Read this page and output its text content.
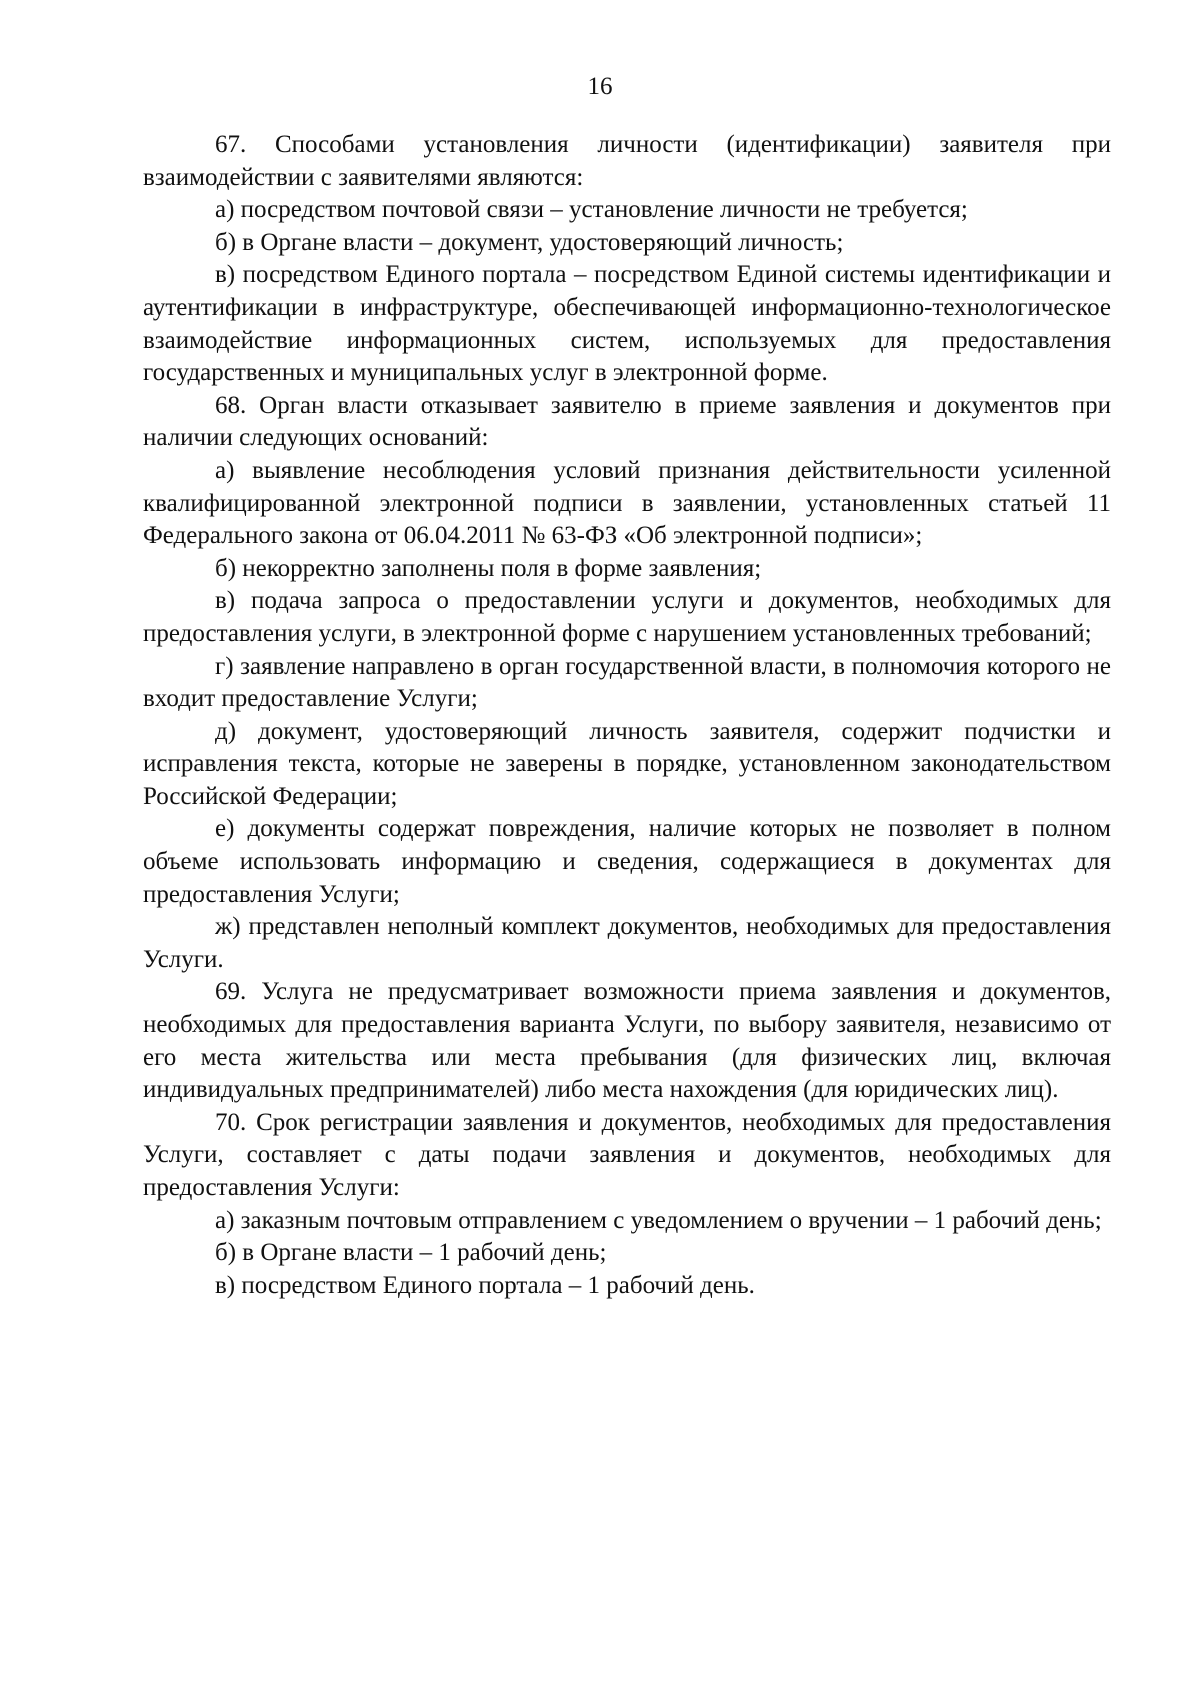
16

67. Способами установления личности (идентификации) заявителя при взаимодействии с заявителями являются:

а) посредством почтовой связи – установление личности не требуется;

б) в Органе власти – документ, удостоверяющий личность;

в) посредством Единого портала – посредством Единой системы идентификации и аутентификации в инфраструктуре, обеспечивающей информационно-технологическое взаимодействие информационных систем, используемых для предоставления государственных и муниципальных услуг в электронной форме.

68. Орган власти отказывает заявителю в приеме заявления и документов при наличии следующих оснований:

а) выявление несоблюдения условий признания действительности усиленной квалифицированной электронной подписи в заявлении, установленных статьей 11 Федерального закона от 06.04.2011 № 63-ФЗ «Об электронной подписи»;

б) некорректно заполнены поля в форме заявления;

в) подача запроса о предоставлении услуги и документов, необходимых для предоставления услуги, в электронной форме с нарушением установленных требований;

г) заявление направлено в орган государственной власти, в полномочия которого не входит предоставление Услуги;

д) документ, удостоверяющий личность заявителя, содержит подчистки и исправления текста, которые не заверены в порядке, установленном законодательством Российской Федерации;

е) документы содержат повреждения, наличие которых не позволяет в полном объеме использовать информацию и сведения, содержащиеся в документах для предоставления Услуги;

ж) представлен неполный комплект документов, необходимых для предоставления Услуги.

69. Услуга не предусматривает возможности приема заявления и документов, необходимых для предоставления варианта Услуги, по выбору заявителя, независимо от его места жительства или места пребывания (для физических лиц, включая индивидуальных предпринимателей) либо места нахождения (для юридических лиц).

70. Срок регистрации заявления и документов, необходимых для предоставления Услуги, составляет с даты подачи заявления и документов, необходимых для предоставления Услуги:

а) заказным почтовым отправлением с уведомлением о вручении – 1 рабочий день;

б) в Органе власти – 1 рабочий день;

в) посредством Единого портала – 1 рабочий день.
